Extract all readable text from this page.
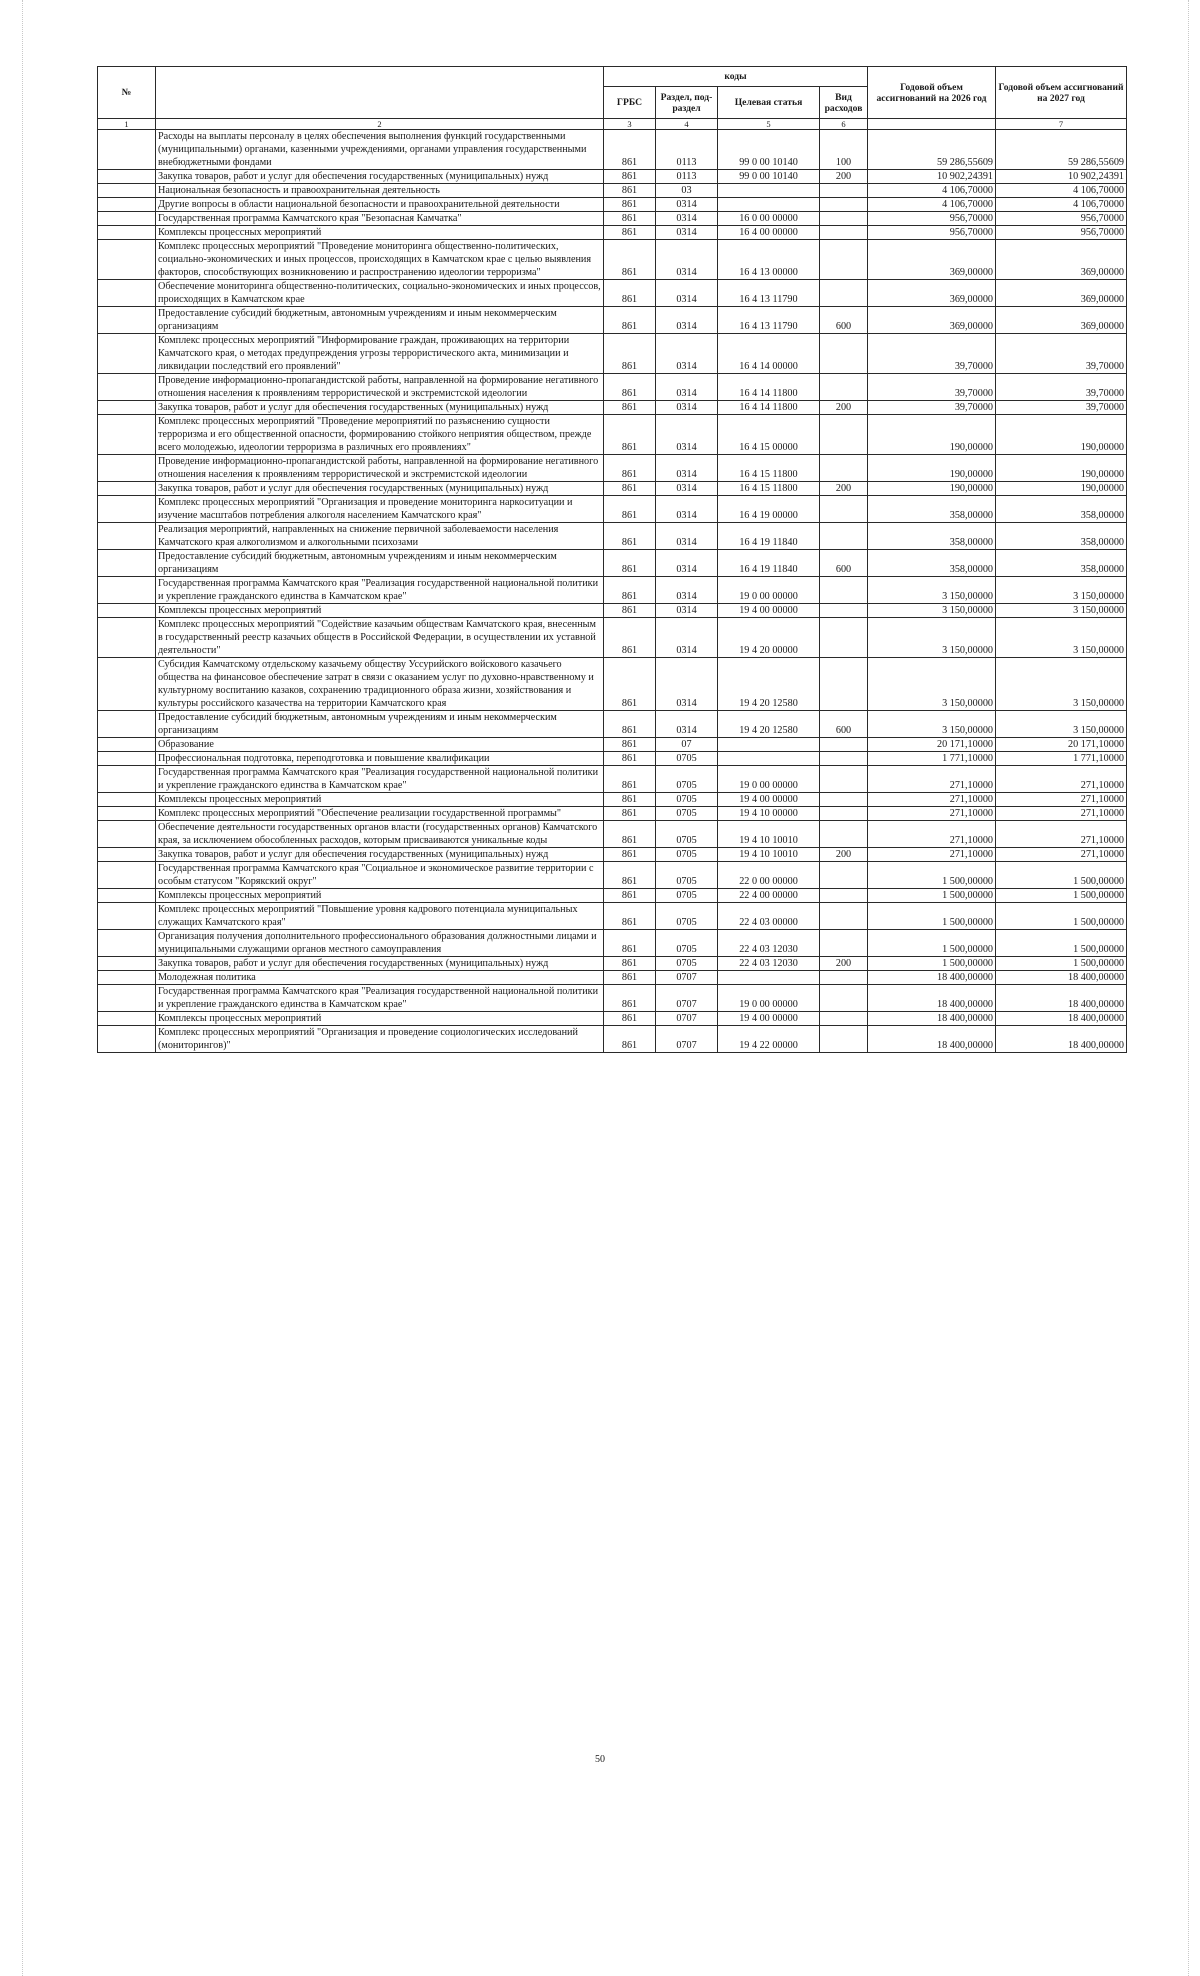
№		коды				Годовой объем ассигнований на 2026 год	Годовой объем ассигнований на 2027 год
		ГРБС	Раздел, под-раздел	Целевая статья	Вид расходов		
1	2	3	4	5	6		7
	Расходы на выплаты персоналу в целях обеспечения выполнения функций государственными (муниципальными) органами, казенными учреждениями, органами управления государственными внебюджетными фондами	861	0113	99 0 00 10140	100	59 286,55609	59 286,55609
	Закупка товаров, работ и услуг для обеспечения государственных (муниципальных) нужд	861	0113	99 0 00 10140	200	10 902,24391	10 902,24391
	Национальная безопасность и правоохранительная деятельность	861	03			4 106,70000	4 106,70000
	Другие вопросы в области национальной безопасности и правоохранительной деятельности	861	0314			4 106,70000	4 106,70000
	Государственная программа Камчатского края "Безопасная Камчатка"	861	0314	16 0 00 00000		956,70000	956,70000
	Комплексы процессных мероприятий	861	0314	16 4 00 00000		956,70000	956,70000
	Комплекс процессных мероприятий "Проведение мониторинга общественно-политических, социально-экономических и иных процессов, происходящих в Камчатском крае с целью выявления факторов, способствующих возникновению и распространению идеологии терроризма"	861	0314	16 4 13 00000		369,00000	369,00000
	Обеспечение мониторинга общественно-политических, социально-экономических и иных процессов, происходящих в Камчатском крае	861	0314	16 4 13 11790		369,00000	369,00000
	Предоставление субсидий бюджетным, автономным учреждениям и иным некоммерческим организациям	861	0314	16 4 13 11790	600	369,00000	369,00000
	Комплекс процессных мероприятий "Информирование граждан, проживающих на территории Камчатского края, о методах предупреждения угрозы террористического акта, минимизации и ликвидации последствий его проявлений"	861	0314	16 4 14 00000		39,70000	39,70000
	Проведение информационно-пропагандистской работы, направленной на формирование негативного отношения населения к проявлениям террористической и экстремистской идеологии	861	0314	16 4 14 11800		39,70000	39,70000
	Закупка товаров, работ и услуг для обеспечения государственных (муниципальных) нужд	861	0314	16 4 14 11800	200	39,70000	39,70000
	Комплекс процессных мероприятий "Проведение мероприятий по разъяснению сущности терроризма и его общественной опасности, формированию стойкого неприятия обществом, прежде всего молодежью, идеологии терроризма в различных его проявлениях"	861	0314	16 4 15 00000		190,00000	190,00000
	Проведение информационно-пропагандистской работы, направленной на формирование негативного отношения населения к проявлениям террористической и экстремистской идеологии	861	0314	16 4 15 11800		190,00000	190,00000
	Закупка товаров, работ и услуг для обеспечения государственных (муниципальных) нужд	861	0314	16 4 15 11800	200	190,00000	190,00000
	Комплекс процессных мероприятий "Организация и проведение мониторинга наркоситуации и изучение масштабов потребления алкоголя населением Камчатского края"	861	0314	16 4 19 00000		358,00000	358,00000
	Реализация мероприятий, направленных на снижение первичной заболеваемости населения Камчатского края алкоголизмом и алкогольными психозами	861	0314	16 4 19 11840		358,00000	358,00000
	Предоставление субсидий бюджетным, автономным учреждениям и иным некоммерческим организациям	861	0314	16 4 19 11840	600	358,00000	358,00000
	Государственная программа Камчатского края "Реализация государственной национальной политики и укрепление гражданского единства в Камчатском крае"	861	0314	19 0 00 00000		3 150,00000	3 150,00000
	Комплексы процессных мероприятий	861	0314	19 4 00 00000		3 150,00000	3 150,00000
	Комплекс процессных мероприятий "Содействие казачьим обществам Камчатского края, внесенным в государственный реестр казачьих обществ в Российской Федерации, в осуществлении их уставной деятельности"	861	0314	19 4 20 00000		3 150,00000	3 150,00000
	Субсидия Камчатскому отдельскому казачьему обществу Уссурийского войскового казачьего общества на финансовое обеспечение затрат в связи с оказанием услуг по духовно-нравственному и культурному воспитанию казаков, сохранению традиционного образа жизни, хозяйствования и культуры российского казачества на территории Камчатского края	861	0314	19 4 20 12580		3 150,00000	3 150,00000
	Предоставление субсидий бюджетным, автономным учреждениям и иным некоммерческим организациям	861	0314	19 4 20 12580	600	3 150,00000	3 150,00000
	Образование	861	07			20 171,10000	20 171,10000
	Профессиональная подготовка, переподготовка и повышение квалификации	861	0705			1 771,10000	1 771,10000
	Государственная программа Камчатского края "Реализация государственной национальной политики и укрепление гражданского единства в Камчатском крае"	861	0705	19 0 00 00000		271,10000	271,10000
	Комплексы процессных мероприятий	861	0705	19 4 00 00000		271,10000	271,10000
	Комплекс процессных мероприятий "Обеспечение реализации государственной программы"	861	0705	19 4 10 00000		271,10000	271,10000
	Обеспечение деятельности государственных органов власти (государственных органов) Камчатского края, за исключением обособленных расходов, которым присваиваются уникальные коды	861	0705	19 4 10 10010		271,10000	271,10000
	Закупка товаров, работ и услуг для обеспечения государственных (муниципальных) нужд	861	0705	19 4 10 10010	200	271,10000	271,10000
	Государственная программа Камчатского края "Социальное и экономическое развитие территории с особым статусом "Корякский округ"	861	0705	22 0 00 00000		1 500,00000	1 500,00000
	Комплексы процессных мероприятий	861	0705	22 4 00 00000		1 500,00000	1 500,00000
	Комплекс процессных мероприятий "Повышение уровня кадрового потенциала муниципальных служащих Камчатского края"	861	0705	22 4 03 00000		1 500,00000	1 500,00000
	Организация получения дополнительного профессионального образования должностными лицами и муниципальными служащими органов местного самоуправления	861	0705	22 4 03 12030		1 500,00000	1 500,00000
	Закупка товаров, работ и услуг для обеспечения государственных (муниципальных) нужд	861	0705	22 4 03 12030	200	1 500,00000	1 500,00000
	Молодежная политика	861	0707			18 400,00000	18 400,00000
	Государственная программа Камчатского края "Реализация государственной национальной политики и укрепление гражданского единства в Камчатском крае"	861	0707	19 0 00 00000		18 400,00000	18 400,00000
	Комплексы процессных мероприятий	861	0707	19 4 00 00000		18 400,00000	18 400,00000
	Комплекс процессных мероприятий "Организация и проведение социологических исследований (мониторингов)"	861	0707	19 4 22 00000		18 400,00000	18 400,00000
50
